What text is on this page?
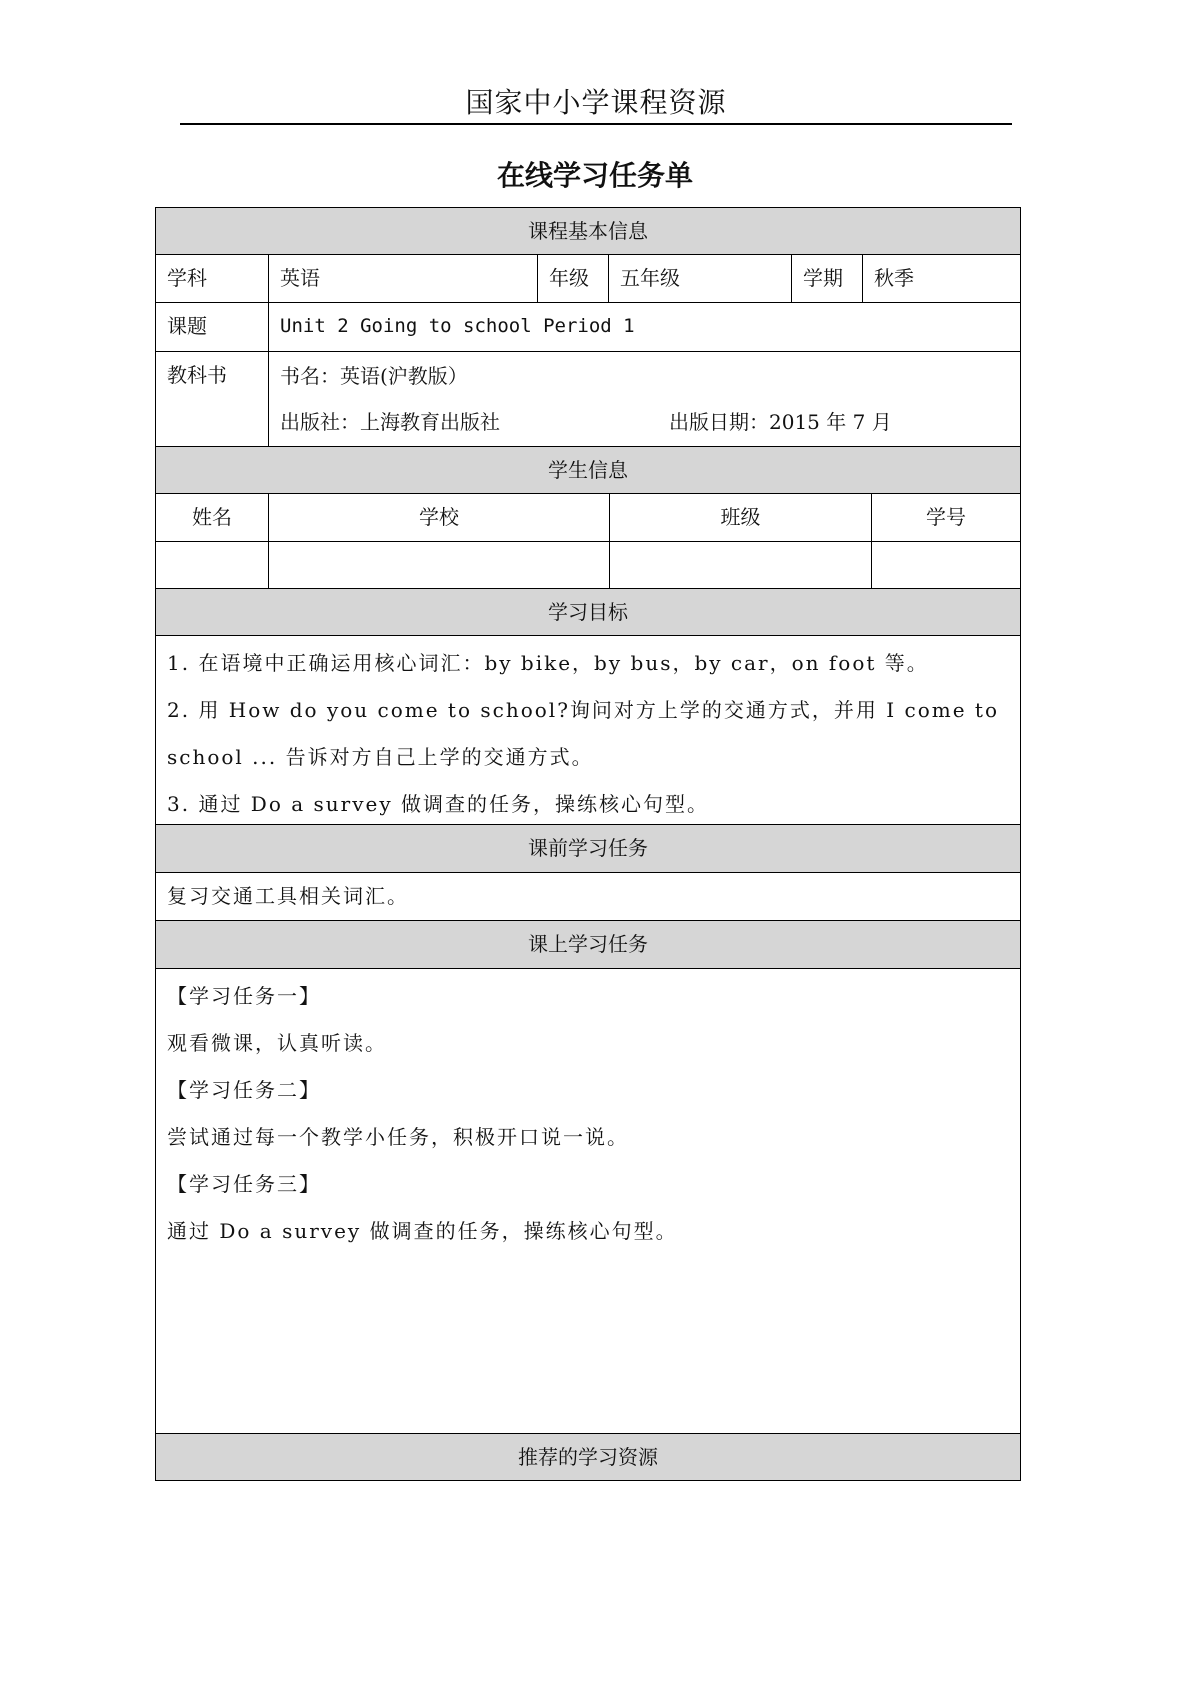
国家中小学课程资源
在线学习任务单
课程基本信息
学科	英语	年级	五年级	学期	秋季
课题	Unit 2 Going to school Period 1
教科书	书名：英语(沪教版）
出版社：上海教育出版社	出版日期：2015 年 7 月
学生信息
姓名	学校	班级	学号
学习目标
1. 在语境中正确运用核心词汇：by bike，by bus，by car，on foot 等。
2. 用 How do you come to school?询问对方上学的交通方式，并用 I come to
school ... 告诉对方自己上学的交通方式。
3. 通过 Do a survey 做调查的任务，操练核心句型。
课前学习任务
复习交通工具相关词汇。
课上学习任务
【学习任务一】
观看微课，认真听读。
【学习任务二】
尝试通过每一个教学小任务，积极开口说一说。
【学习任务三】
通过 Do a survey 做调查的任务，操练核心句型。
推荐的学习资源
